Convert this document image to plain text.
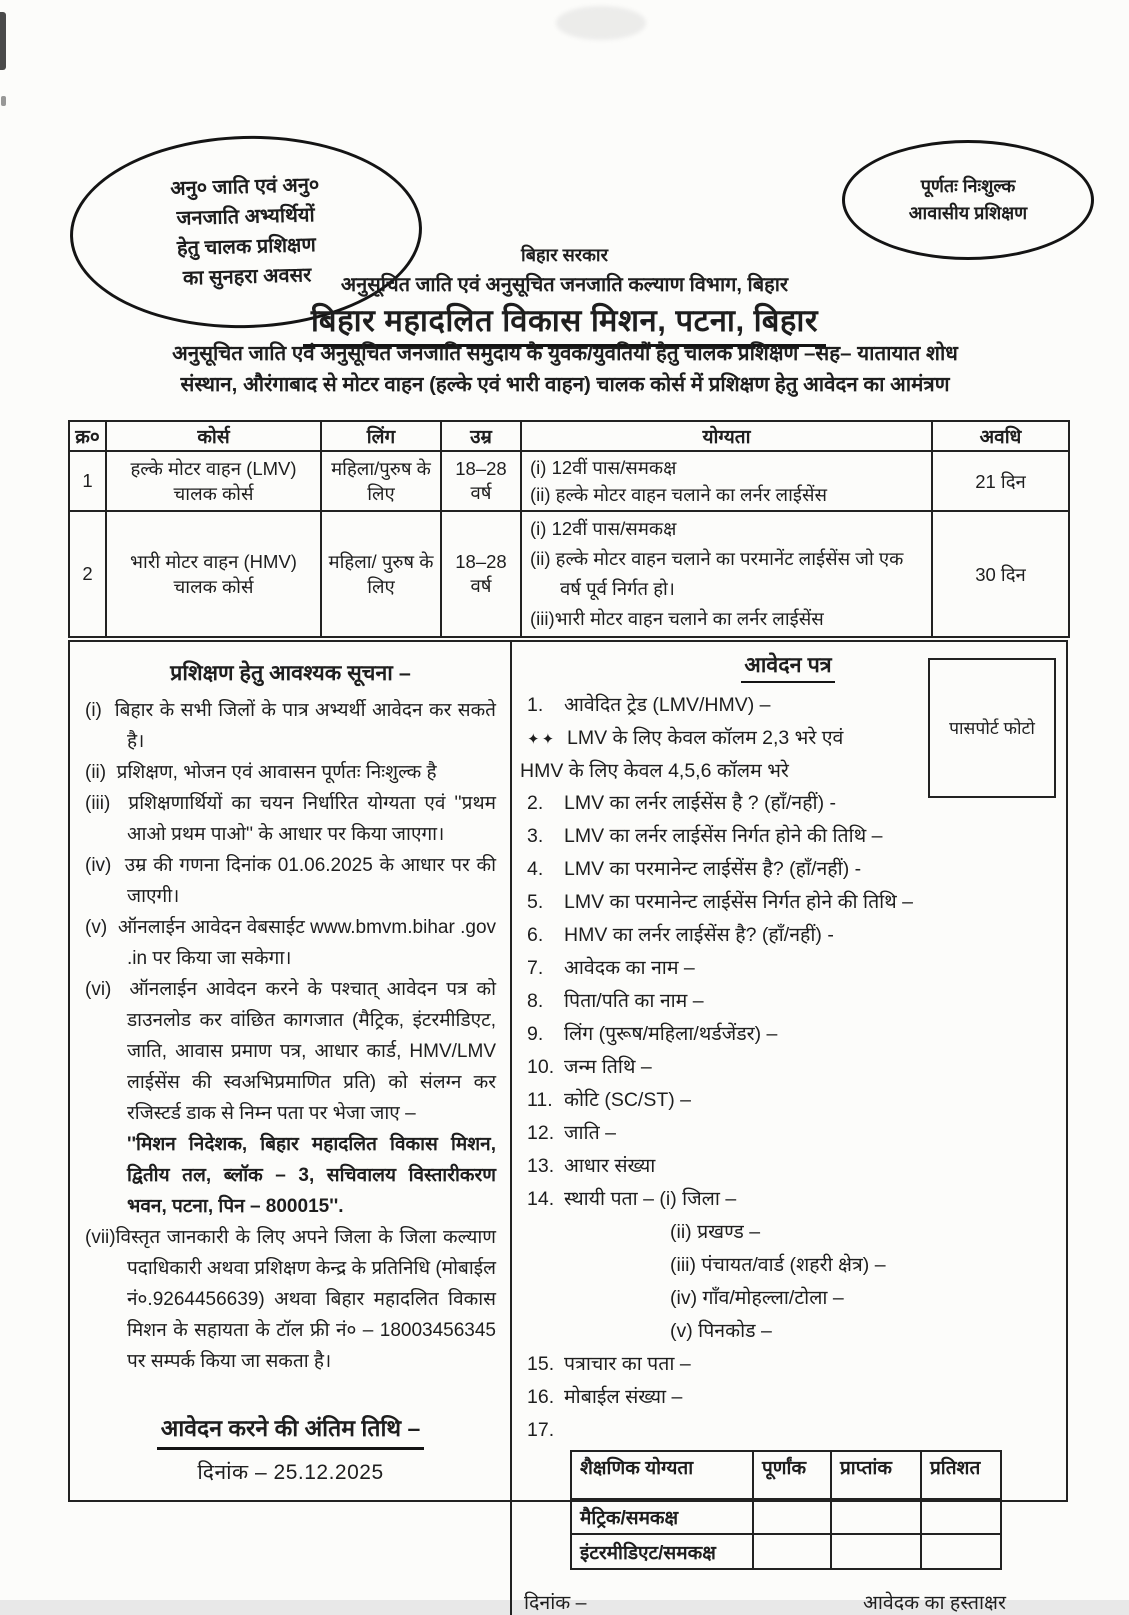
अनु० जाति एवं अनु०
जनजाति अभ्यर्थियों
हेतु चालक प्रशिक्षण
का सुनहरा अवसर
पूर्णतः निःशुल्क
आवासीय प्रशिक्षण
बिहार सरकार
अनुसूचित जाति एवं अनुसूचित जनजाति कल्याण विभाग, बिहार
बिहार महादलित विकास मिशन, पटना, बिहार
अनुसूचित जाति एवं अनुसूचित जनजाति समुदाय के युवक/युवतियों हेतु चालक प्रशिक्षण –सह– यातायात शोध
संस्थान, औरंगाबाद से मोटर वाहन (हल्के एवं भारी वाहन) चालक कोर्स में प्रशिक्षण हेतु आवेदन का आमंत्रण
क्र०	कोर्स	लिंग	उम्र	योग्यता	अवधि
1	हल्के मोटर वाहन (LMV) चालक कोर्स	महिला/पुरुष के लिए	18–28 वर्ष	(i) 12वीं पास/समकक्ष
(ii) हल्के मोटर वाहन चलाने का लर्नर लाईसेंस	21 दिन
2	भारी मोटर वाहन (HMV) चालक कोर्स	महिला/ पुरुष के लिए	18–28 वर्ष	(i) 12वीं पास/समकक्ष
(ii) हल्के मोटर वाहन चलाने का परमानेंट लाईसेंस जो एक वर्ष पूर्व निर्गत हो।
(iii)भारी मोटर वाहन चलाने का लर्नर लाईसेंस	30 दिन
प्रशिक्षण हेतु आवश्यक सूचना –
(i) बिहार के सभी जिलों के पात्र अभ्यर्थी आवेदन कर सकते है।
(ii) प्रशिक्षण, भोजन एवं आवासन पूर्णतः निःशुल्क है
(iii) प्रशिक्षणार्थियों का चयन निर्धारित योग्यता एवं ''प्रथम आओ प्रथम पाओ'' के आधार पर किया जाएगा।
(iv) उम्र की गणना दिनांक 01.06.2025 के आधार पर की जाएगी।
(v) ऑनलाईन आवेदन वेबसाईट www.bmvm.bihar .gov .in पर किया जा सकेगा।
(vi) ऑनलाईन आवेदन करने के पश्चात् आवेदन पत्र को डाउनलोड कर वांछित कागजात (मैट्रिक, इंटरमीडिएट, जाति, आवास प्रमाण पत्र, आधार कार्ड, HMV/LMV लाईसेंस की स्वअभिप्रमाणित प्रति) को संलग्न कर रजिस्टर्ड डाक से निम्न पता पर भेजा जाए –
''मिशन निदेशक, बिहार महादलित विकास मिशन, द्वितीय तल, ब्लॉक – 3, सचिवालय विस्तारीकरण भवन, पटना, पिन – 800015''.
(vii)विस्तृत जानकारी के लिए अपने जिला के जिला कल्याण पदाधिकारी अथवा प्रशिक्षण केन्द्र के प्रतिनिधि (मोबाईल नं०.9264456639) अथवा बिहार महादलित विकास मिशन के सहायता के टॉल फ्री नं० – 18003456345 पर सम्पर्क किया जा सकता है।
आवेदन करने की अंतिम तिथि –
दिनांक – 25.12.2025
आवेदन पत्र
पासपोर्ट फोटो
1.	आवेदित ट्रेड (LMV/HMV) –
✦✦ LMV के लिए केवल कॉलम 2,3 भरे एवं
HMV के लिए केवल 4,5,6 कॉलम भरे
2.	LMV का लर्नर लाईसेंस है ? (हाँ/नहीं) -
3.	LMV का लर्नर लाईसेंस निर्गत होने की तिथि –
4.	LMV का परमानेन्ट लाईसेंस है? (हाँ/नहीं) -
5.	LMV का परमानेन्ट लाईसेंस निर्गत होने की तिथि –
6.	HMV का लर्नर लाईसेंस है? (हाँ/नहीं) -
7.	आवेदक का नाम –
8.	पिता/पति का नाम –
9.	लिंग (पुरूष/महिला/थर्डजेंडर) –
10. जन्म तिथि –
11. कोटि (SC/ST) –
12. जाति –
13. आधार संख्या
14. स्थायी पता – (i) जिला –
(ii) प्रखण्ड –
(iii) पंचायत/वार्ड (शहरी क्षेत्र) –
(iv) गाँव/मोहल्ला/टोला –
(v) पिनकोड –
15. पत्राचार का पता –
16. मोबाईल संख्या –
17.
शैक्षणिक योग्यता	पूर्णांक	प्राप्तांक	प्रतिशत
मैट्रिक/समकक्ष			
इंटरमीडिएट/समकक्ष			
दिनांक –	आवेदक का हस्ताक्षर
